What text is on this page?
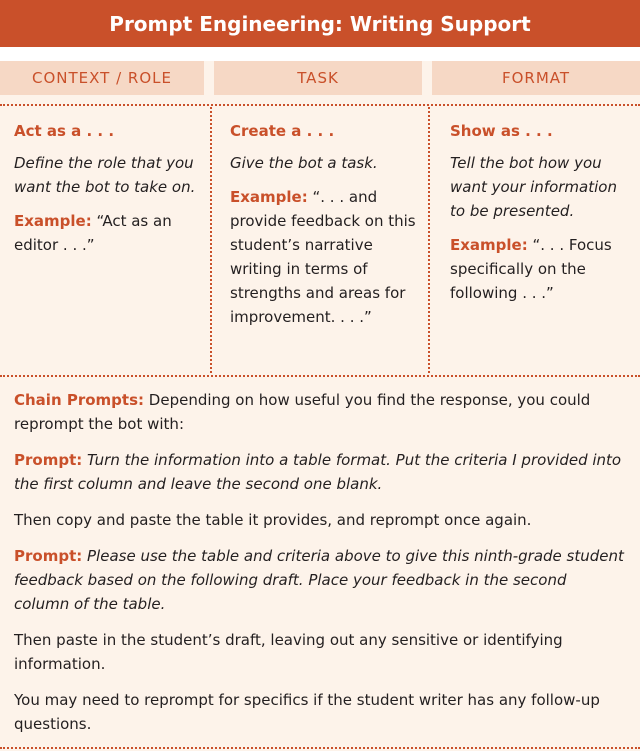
Prompt Engineering: Writing Support
CONTEXT / ROLE	TASK	FORMAT

Act as a . . .

Define the role that you want the bot to take on.

Example: “Act as an editor . . .”

Create a . . .

Give the bot a task.

Example: “. . . and provide feedback on this student’s narrative writing in terms of strengths and areas for improvement. . . .”

Show as . . .

Tell the bot how you want your information to be presented.

Example: “. . . Focus specifically on the following . . .”

Chain Prompts: Depending on how useful you find the response, you could reprompt the bot with:

Prompt: Turn the information into a table format. Put the criteria I provided into the first column and leave the second one blank.

Then copy and paste the table it provides, and reprompt once again.

Prompt: Please use the table and criteria above to give this ninth-grade student feedback based on the following draft. Place your feedback in the second column of the table.

Then paste in the student’s draft, leaving out any sensitive or identifying information.

You may need to reprompt for specifics if the student writer has any follow-up questions.
